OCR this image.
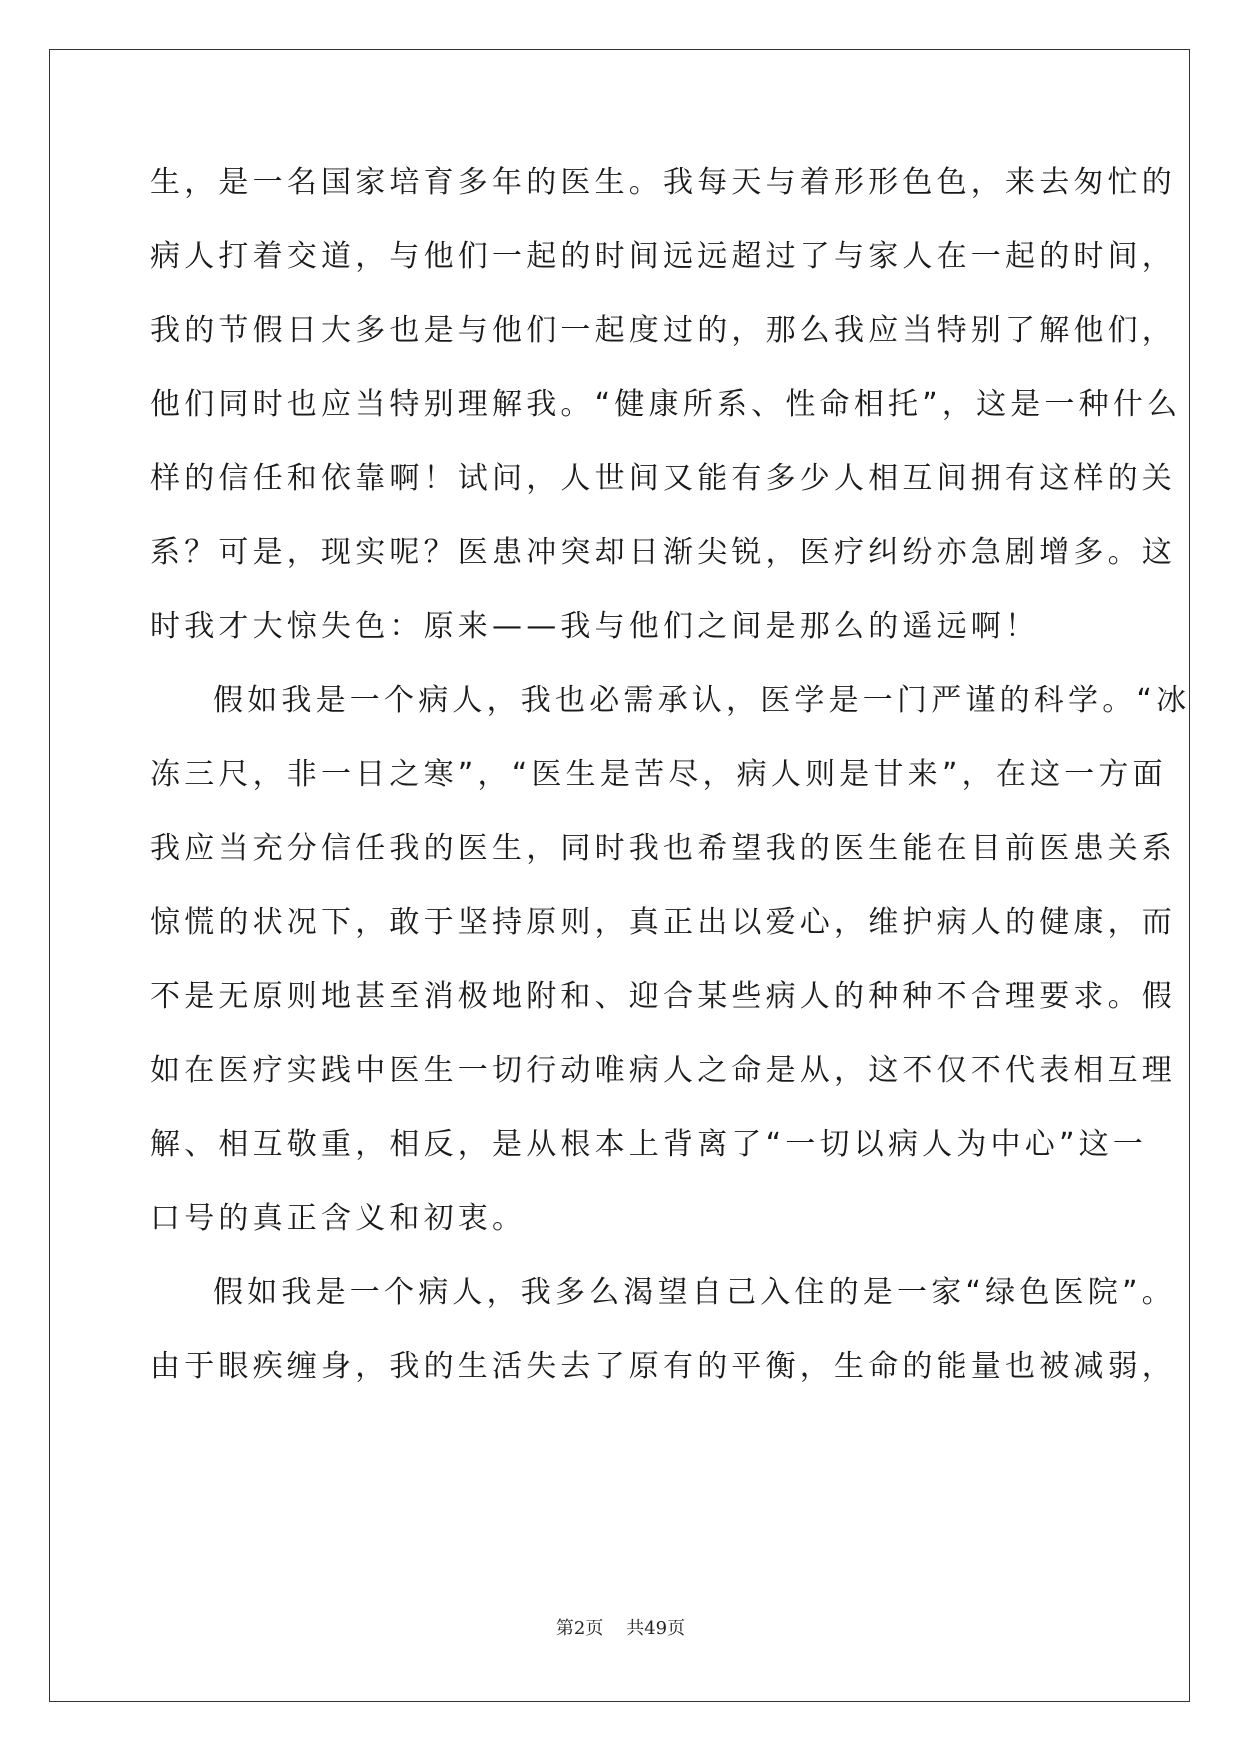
生，是一名国家培育多年的医生。我每天与着形形色色，来去匆忙的
病人打着交道，与他们一起的时间远远超过了与家人在一起的时间，
我的节假日大多也是与他们一起度过的，那么我应当特别了解他们，
他们同时也应当特别理解我。“健康所系、性命相托”，这是一种什么
样的信任和依靠啊！试问，人世间又能有多少人相互间拥有这样的关
系？可是，现实呢？医患冲突却日渐尖锐，医疗纠纷亦急剧增多。这
时我才大惊失色：原来——我与他们之间是那么的遥远啊！
假如我是一个病人，我也必需承认，医学是一门严谨的科学。“冰
冻三尺，非一日之寒”，“医生是苦尽，病人则是甘来”，在这一方面
我应当充分信任我的医生，同时我也希望我的医生能在目前医患关系
惊慌的状况下，敢于坚持原则，真正出以爱心，维护病人的健康，而
不是无原则地甚至消极地附和、迎合某些病人的种种不合理要求。假
如在医疗实践中医生一切行动唯病人之命是从，这不仅不代表相互理
解、相互敬重，相反，是从根本上背离了“一切以病人为中心”这一
口号的真正含义和初衷。
假如我是一个病人，我多么渴望自己入住的是一家“绿色医院”。
由于眼疾缠身，我的生活失去了原有的平衡，生命的能量也被减弱，
第2页 共49页
